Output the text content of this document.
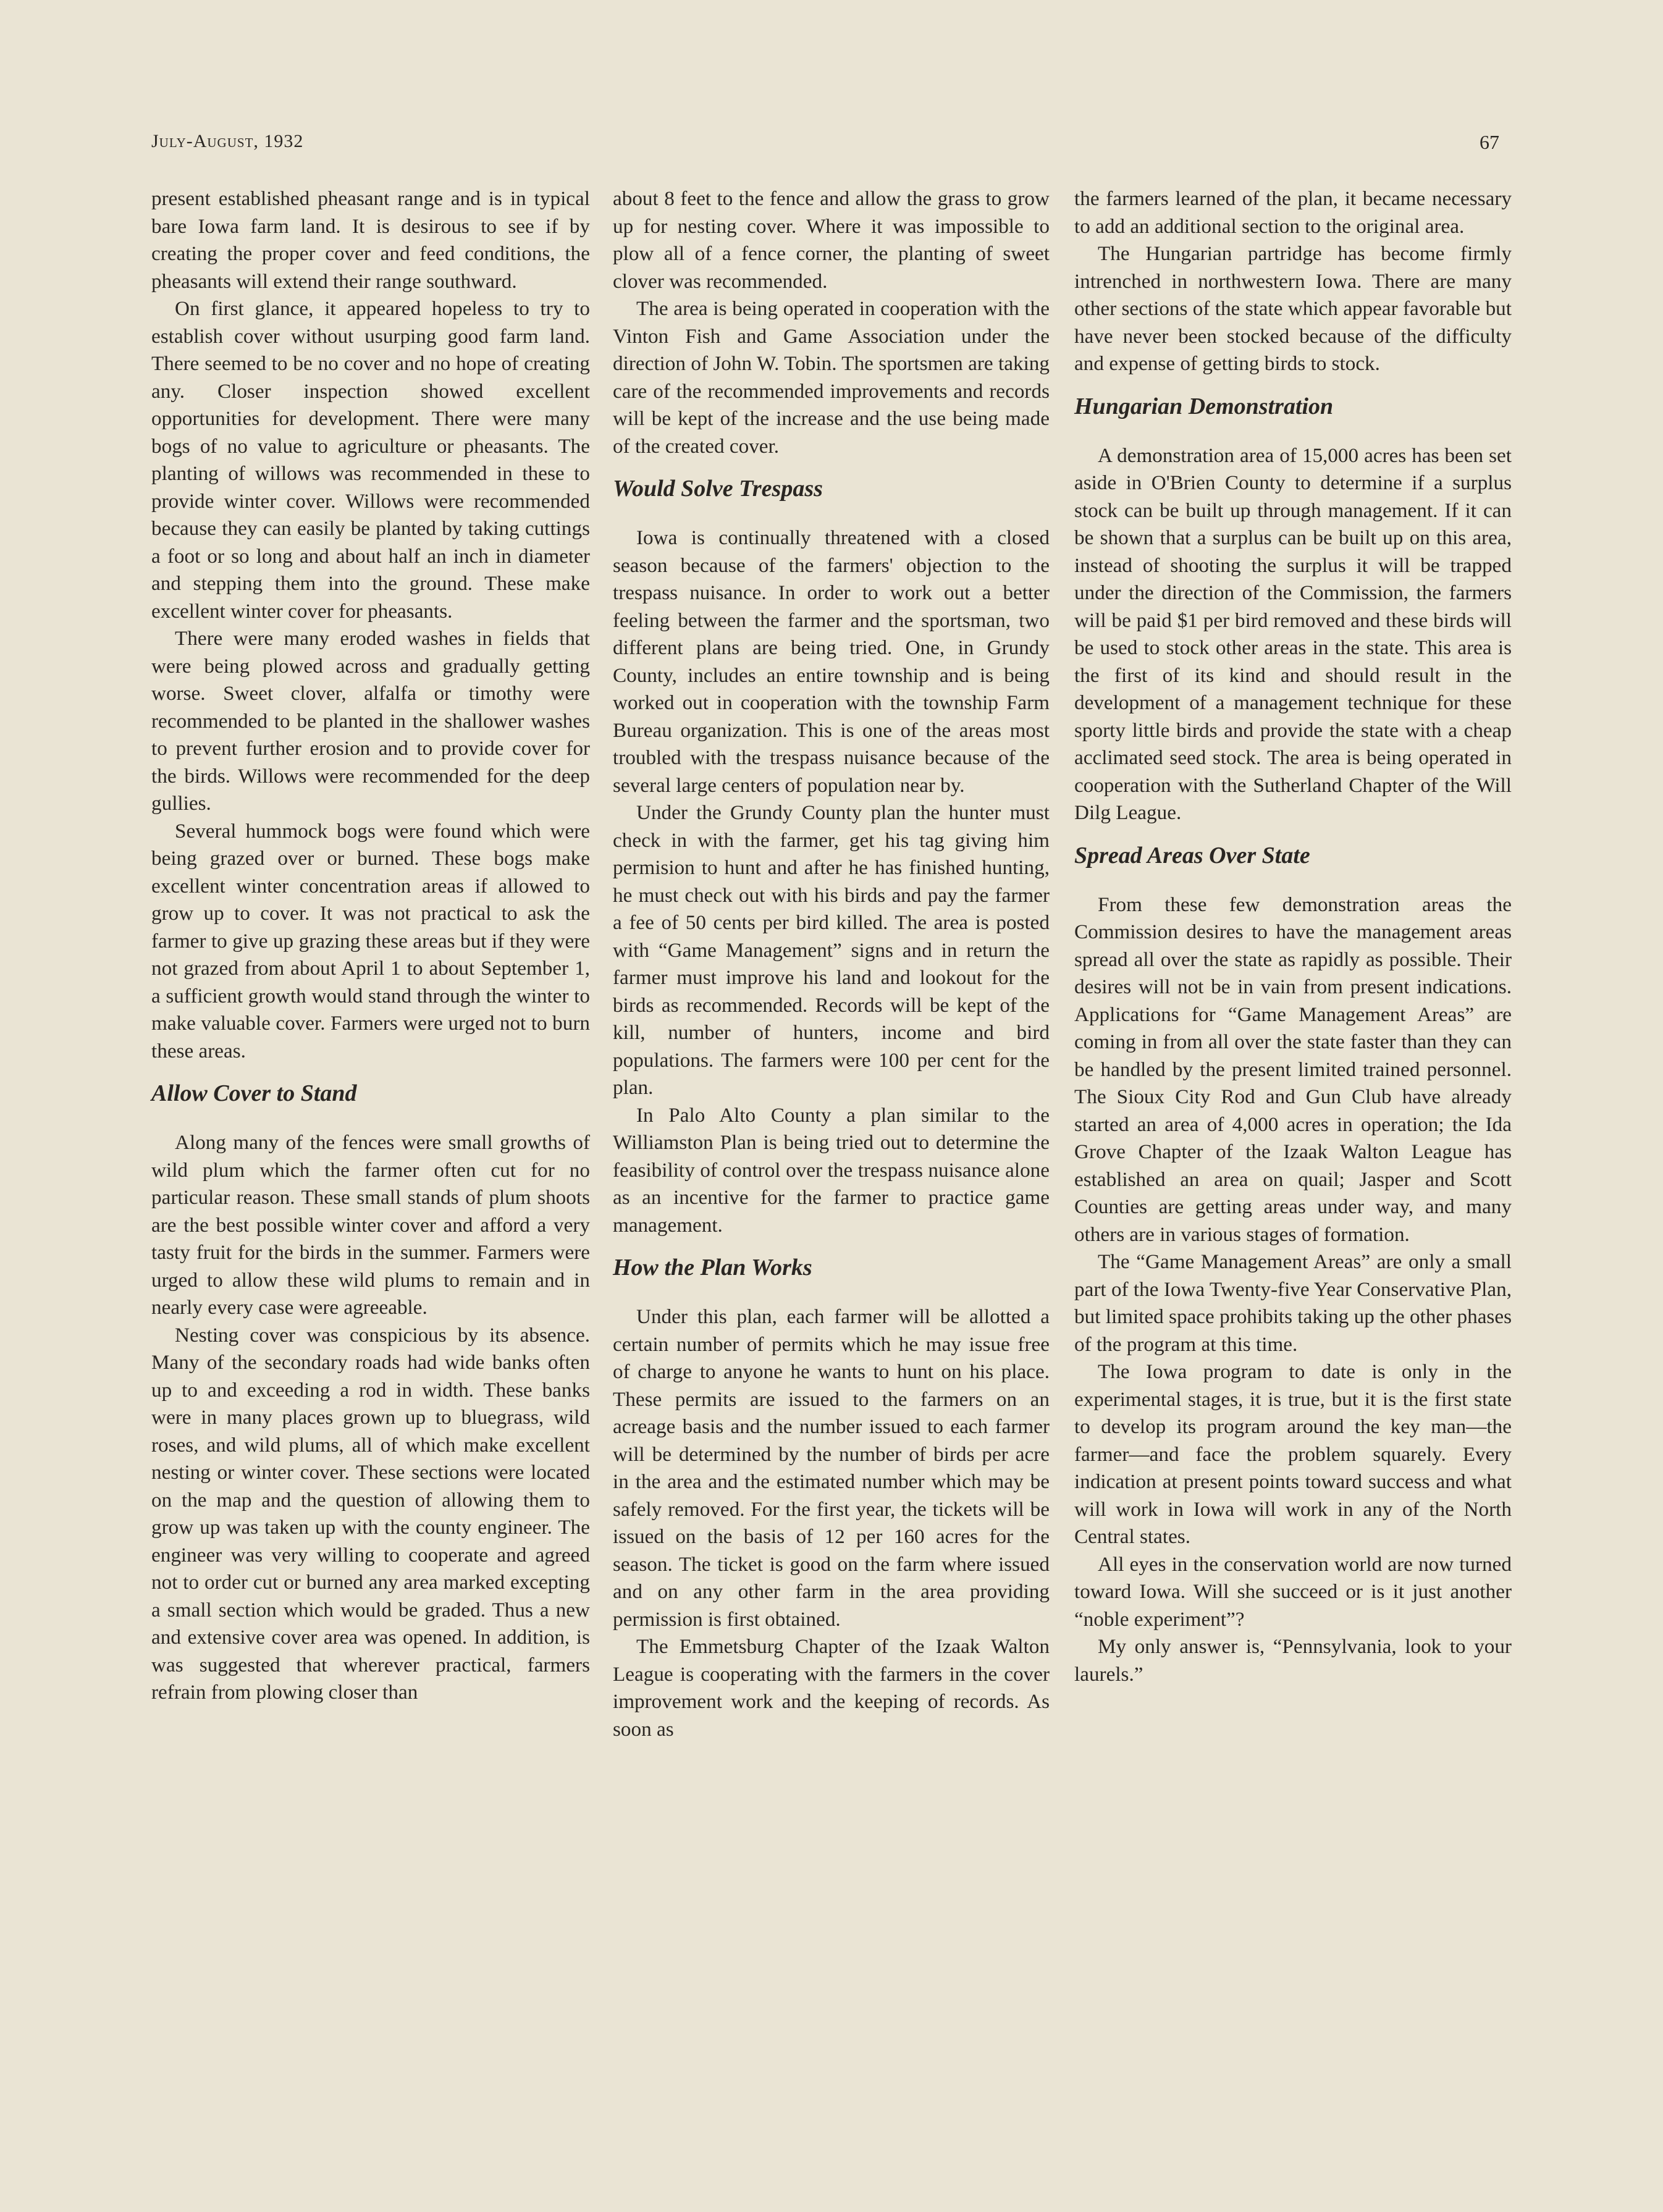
July-August, 1932	67

present established pheasant range and is in typical bare Iowa farm land. It is desirous to see if by creating the proper cover and feed conditions, the pheasants will extend their range southward.

On first glance, it appeared hopeless to try to establish cover without usurping good farm land. There seemed to be no cover and no hope of creating any. Closer inspection showed excellent opportunities for development. There were many bogs of no value to agriculture or pheasants. The planting of willows was recommended in these to provide winter cover. Willows were recommended because they can easily be planted by taking cuttings a foot or so long and about half an inch in diameter and stepping them into the ground. These make excellent winter cover for pheasants.

There were many eroded washes in fields that were being plowed across and gradually getting worse. Sweet clover, alfalfa or timothy were recommended to be planted in the shallower washes to prevent further erosion and to provide cover for the birds. Willows were recommended for the deep gullies.

Several hummock bogs were found which were being grazed over or burned. These bogs make excellent winter concentration areas if allowed to grow up to cover. It was not practical to ask the farmer to give up grazing these areas but if they were not grazed from about April 1 to about September 1, a sufficient growth would stand through the winter to make valuable cover. Farmers were urged not to burn these areas.

Allow Cover to Stand

Along many of the fences were small growths of wild plum which the farmer often cut for no particular reason. These small stands of plum shoots are the best possible winter cover and afford a very tasty fruit for the birds in the summer. Farmers were urged to allow these wild plums to remain and in nearly every case were agreeable.

Nesting cover was conspicious by its absence. Many of the secondary roads had wide banks often up to and exceeding a rod in width. These banks were in many places grown up to bluegrass, wild roses, and wild plums, all of which make excellent nesting or winter cover. These sections were located on the map and the question of allowing them to grow up was taken up with the county engineer. The engineer was very willing to cooperate and agreed not to order cut or burned any area marked excepting a small section which would be graded. Thus a new and extensive cover area was opened. In addition, is was suggested that wherever practical, farmers refrain from plowing closer than

about 8 feet to the fence and allow the grass to grow up for nesting cover. Where it was impossible to plow all of a fence corner, the planting of sweet clover was recommended.

The area is being operated in cooperation with the Vinton Fish and Game Association under the direction of John W. Tobin. The sportsmen are taking care of the recommended improvements and records will be kept of the increase and the use being made of the created cover.

Would Solve Trespass

Iowa is continually threatened with a closed season because of the farmers' objection to the trespass nuisance. In order to work out a better feeling between the farmer and the sportsman, two different plans are being tried. One, in Grundy County, includes an entire township and is being worked out in cooperation with the township Farm Bureau organization. This is one of the areas most troubled with the trespass nuisance because of the several large centers of population near by.

Under the Grundy County plan the hunter must check in with the farmer, get his tag giving him permision to hunt and after he has finished hunting, he must check out with his birds and pay the farmer a fee of 50 cents per bird killed. The area is posted with “Game Management” signs and in return the farmer must improve his land and lookout for the birds as recommended. Records will be kept of the kill, number of hunters, income and bird populations. The farmers were 100 per cent for the plan.

In Palo Alto County a plan similar to the Williamston Plan is being tried out to determine the feasibility of control over the trespass nuisance alone as an incentive for the farmer to practice game management.

How the Plan Works

Under this plan, each farmer will be allotted a certain number of permits which he may issue free of charge to anyone he wants to hunt on his place. These permits are issued to the farmers on an acreage basis and the number issued to each farmer will be determined by the number of birds per acre in the area and the estimated number which may be safely removed. For the first year, the tickets will be issued on the basis of 12 per 160 acres for the season. The ticket is good on the farm where issued and on any other farm in the area providing permission is first obtained.

The Emmetsburg Chapter of the Izaak Walton League is cooperating with the farmers in the cover improvement work and the keeping of records. As soon as

the farmers learned of the plan, it became necessary to add an additional section to the original area.

The Hungarian partridge has become firmly intrenched in northwestern Iowa. There are many other sections of the state which appear favorable but have never been stocked because of the difficulty and expense of getting birds to stock.

Hungarian Demonstration

A demonstration area of 15,000 acres has been set aside in O'Brien County to determine if a surplus stock can be built up through management. If it can be shown that a surplus can be built up on this area, instead of shooting the surplus it will be trapped under the direction of the Commission, the farmers will be paid $1 per bird removed and these birds will be used to stock other areas in the state. This area is the first of its kind and should result in the development of a management technique for these sporty little birds and provide the state with a cheap acclimated seed stock. The area is being operated in cooperation with the Sutherland Chapter of the Will Dilg League.

Spread Areas Over State

From these few demonstration areas the Commission desires to have the management areas spread all over the state as rapidly as possible. Their desires will not be in vain from present indications. Applications for “Game Management Areas” are coming in from all over the state faster than they can be handled by the present limited trained personnel. The Sioux City Rod and Gun Club have already started an area of 4,000 acres in operation; the Ida Grove Chapter of the Izaak Walton League has established an area on quail; Jasper and Scott Counties are getting areas under way, and many others are in various stages of formation.

The “Game Management Areas” are only a small part of the Iowa Twenty-five Year Conservative Plan, but limited space prohibits taking up the other phases of the program at this time.

The Iowa program to date is only in the experimental stages, it is true, but it is the first state to develop its program around the key man—the farmer—and face the problem squarely. Every indication at present points toward success and what will work in Iowa will work in any of the North Central states.

All eyes in the conservation world are now turned toward Iowa. Will she succeed or is it just another “noble experiment”?

My only answer is, “Pennsylvania, look to your laurels.”
